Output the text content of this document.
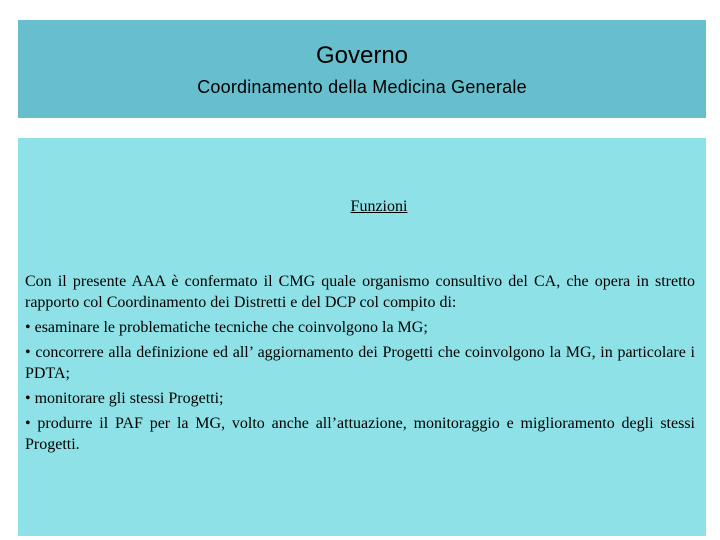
Governo
Coordinamento della Medicina Generale
Funzioni

Con il presente AAA è confermato il CMG quale organismo consultivo del CA, che opera in stretto rapporto col Coordinamento dei Distretti e del DCP col compito di:

• esaminare le problematiche tecniche che coinvolgono la MG;

• concorrere alla definizione ed all’ aggiornamento dei Progetti che coinvolgono la MG, in particolare i PDTA;

• monitorare gli stessi Progetti;

• produrre il PAF per la MG, volto anche all’attuazione, monitoraggio e miglioramento degli stessi Progetti.
